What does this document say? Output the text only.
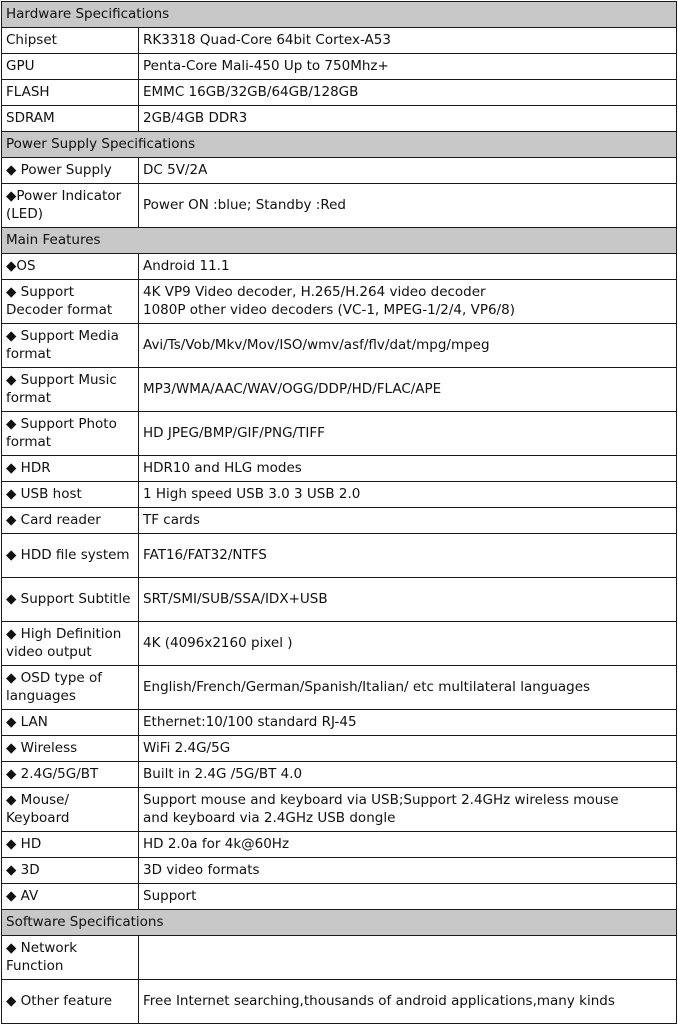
Hardware Specifications	
Chipset	RK3318 Quad-Core 64bit Cortex-A53
GPU	Penta-Core Mali-450 Up to 750Mhz+
FLASH	EMMC 16GB/32GB/64GB/128GB
SDRAM	2GB/4GB DDR3
Power Supply Specifications	
◆ Power Supply	DC 5V/2A
◆Power Indicator (LED)	Power ON :blue; Standby :Red
Main Features	
◆OS	Android 11.1
◆ Support Decoder format	4K VP9 Video decoder, H.265/H.264 video decoder
1080P other video decoders (VC-1, MPEG-1/2/4, VP6/8)

◆ Support Media format	Avi/Ts/Vob/Mkv/Mov/ISO/wmv/asf/flv/dat/mpg/mpeg
◆ Support Music format	MP3/WMA/AAC/WAV/OGG/DDP/HD/FLAC/APE
◆ Support Photo format	HD JPEG/BMP/GIF/PNG/TIFF
◆ HDR	HDR10 and HLG modes
◆ USB host	1 High speed USB 3.0 3 USB 2.0
◆ Card reader	TF cards
◆ HDD file system	FAT16/FAT32/NTFS
◆ Support Subtitle	SRT/SMI/SUB/SSA/IDX+USB
◆ High Definition video output	4K (4096x2160 pixel )
◆ OSD type of languages	English/French/German/Spanish/Italian/ etc multilateral languages
◆ LAN	Ethernet:10/100 standard RJ-45
◆ Wireless	WiFi 2.4G/5G
◆ 2.4G/5G/BT	Built in 2.4G /5G/BT 4.0
◆ Mouse/ Keyboard	Support mouse and keyboard via USB;Support 2.4GHz wireless mouse
and keyboard via 2.4GHz USB dongle

◆ HD	HD 2.0a for 4k@60Hz
◆ 3D	3D video formats
◆ AV	Support
Software Specifications	
◆ Network Function	
◆ Other feature	Free Internet searching,thousands of android applications,many kinds
